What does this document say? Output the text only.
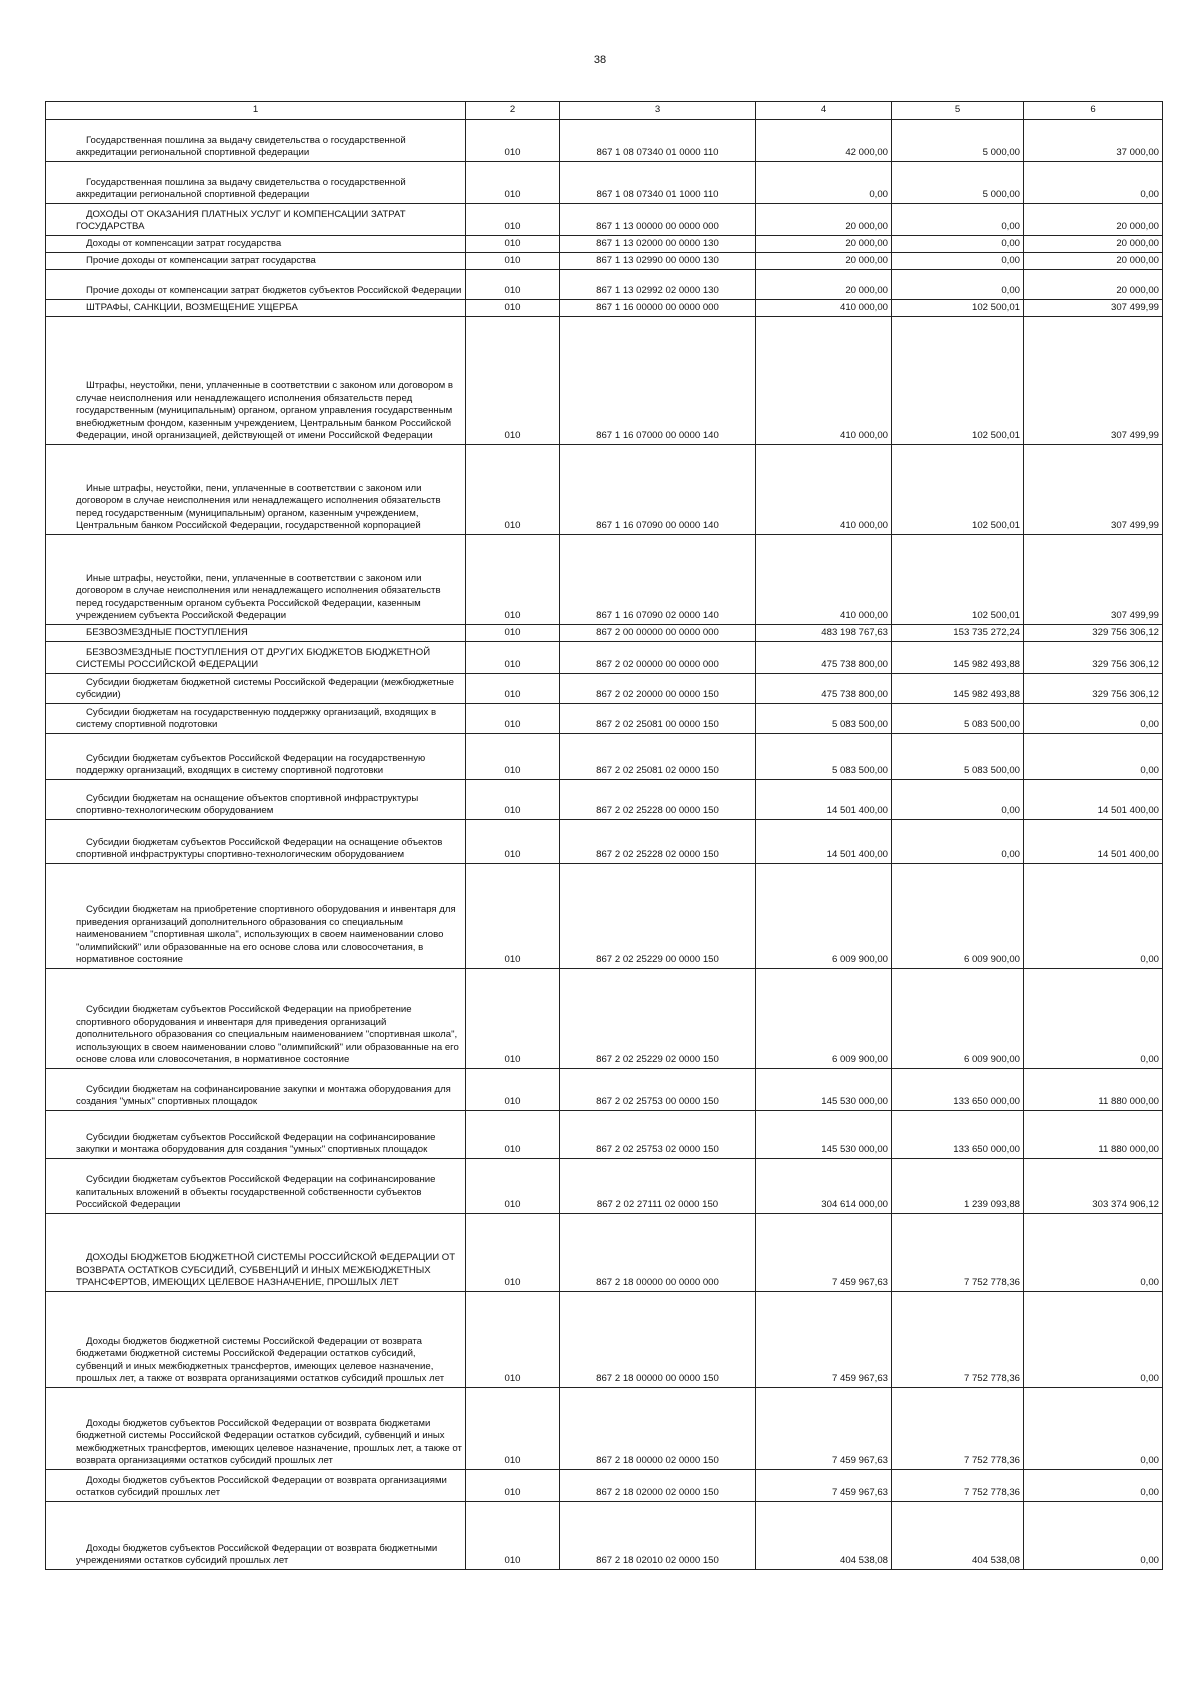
38
1	2	3	4	5	6
Государственная пошлина за выдачу свидетельства о государственной аккредитации региональной спортивной федерации	010	867 1 08 07340 01 0000 110	42 000,00	5 000,00	37 000,00
Государственная пошлина за выдачу свидетельства о государственной аккредитации региональной спортивной федерации	010	867 1 08 07340 01 1000 110	0,00	5 000,00	0,00
ДОХОДЫ ОТ ОКАЗАНИЯ ПЛАТНЫХ УСЛУГ И КОМПЕНСАЦИИ ЗАТРАТ ГОСУДАРСТВА	010	867 1 13 00000 00 0000 000	20 000,00	0,00	20 000,00
Доходы от компенсации затрат государства	010	867 1 13 02000 00 0000 130	20 000,00	0,00	20 000,00
Прочие доходы от компенсации затрат государства	010	867 1 13 02990 00 0000 130	20 000,00	0,00	20 000,00
Прочие доходы от компенсации затрат бюджетов субъектов Российской Федерации	010	867 1 13 02992 02 0000 130	20 000,00	0,00	20 000,00
ШТРАФЫ, САНКЦИИ, ВОЗМЕЩЕНИЕ УЩЕРБА	010	867 1 16 00000 00 0000 000	410 000,00	102 500,01	307 499,99
Штрафы, неустойки, пени, уплаченные в соответствии с законом или договором в случае неисполнения или ненадлежащего исполнения обязательств перед государственным (муниципальным) органом, органом управления государственным внебюджетным фондом, казенным учреждением, Центральным банком Российской Федерации, иной организацией, действующей от имени Российской Федерации	010	867 1 16 07000 00 0000 140	410 000,00	102 500,01	307 499,99
Иные штрафы, неустойки, пени, уплаченные в соответствии с законом или договором в случае неисполнения или ненадлежащего исполнения обязательств перед государственным (муниципальным) органом, казенным учреждением, Центральным банком Российской Федерации, государственной корпорацией	010	867 1 16 07090 00 0000 140	410 000,00	102 500,01	307 499,99
Иные штрафы, неустойки, пени, уплаченные в соответствии с законом или договором в случае неисполнения или ненадлежащего исполнения обязательств перед государственным органом субъекта Российской Федерации, казенным учреждением субъекта Российской Федерации	010	867 1 16 07090 02 0000 140	410 000,00	102 500,01	307 499,99
БЕЗВОЗМЕЗДНЫЕ ПОСТУПЛЕНИЯ	010	867 2 00 00000 00 0000 000	483 198 767,63	153 735 272,24	329 756 306,12
БЕЗВОЗМЕЗДНЫЕ ПОСТУПЛЕНИЯ ОТ ДРУГИХ БЮДЖЕТОВ БЮДЖЕТНОЙ СИСТЕМЫ РОССИЙСКОЙ ФЕДЕРАЦИИ	010	867 2 02 00000 00 0000 000	475 738 800,00	145 982 493,88	329 756 306,12
Субсидии бюджетам бюджетной системы Российской Федерации (межбюджетные субсидии)	010	867 2 02 20000 00 0000 150	475 738 800,00	145 982 493,88	329 756 306,12
Субсидии бюджетам на государственную поддержку организаций, входящих в систему спортивной подготовки	010	867 2 02 25081 00 0000 150	5 083 500,00	5 083 500,00	0,00
Субсидии бюджетам субъектов Российской Федерации на государственную поддержку организаций, входящих в систему спортивной подготовки	010	867 2 02 25081 02 0000 150	5 083 500,00	5 083 500,00	0,00
Субсидии бюджетам на оснащение объектов спортивной инфраструктуры спортивно-технологическим оборудованием	010	867 2 02 25228 00 0000 150	14 501 400,00	0,00	14 501 400,00
Субсидии бюджетам субъектов Российской Федерации на оснащение объектов спортивной инфраструктуры спортивно-технологическим оборудованием	010	867 2 02 25228 02 0000 150	14 501 400,00	0,00	14 501 400,00
Субсидии бюджетам на приобретение спортивного оборудования и инвентаря для приведения организаций дополнительного образования со специальным наименованием "спортивная школа", использующих в своем наименовании слово "олимпийский" или образованные на его основе слова или словосочетания, в нормативное состояние	010	867 2 02 25229 00 0000 150	6 009 900,00	6 009 900,00	0,00
Субсидии бюджетам субъектов Российской Федерации на приобретение спортивного оборудования и инвентаря для приведения организаций дополнительного образования со специальным наименованием "спортивная школа", использующих в своем наименовании слово "олимпийский" или образованные на его основе слова или словосочетания, в нормативное состояние	010	867 2 02 25229 02 0000 150	6 009 900,00	6 009 900,00	0,00
Субсидии бюджетам на софинансирование закупки и монтажа оборудования для создания "умных" спортивных площадок	010	867 2 02 25753 00 0000 150	145 530 000,00	133 650 000,00	11 880 000,00
Субсидии бюджетам субъектов Российской Федерации на софинансирование закупки и монтажа оборудования для создания "умных" спортивных площадок	010	867 2 02 25753 02 0000 150	145 530 000,00	133 650 000,00	11 880 000,00
Субсидии бюджетам субъектов Российской Федерации на софинансирование капитальных вложений в объекты государственной собственности субъектов Российской Федерации	010	867 2 02 27111 02 0000 150	304 614 000,00	1 239 093,88	303 374 906,12
ДОХОДЫ БЮДЖЕТОВ БЮДЖЕТНОЙ СИСТЕМЫ РОССИЙСКОЙ ФЕДЕРАЦИИ ОТ ВОЗВРАТА ОСТАТКОВ СУБСИДИЙ, СУБВЕНЦИЙ И ИНЫХ МЕЖБЮДЖЕТНЫХ ТРАНСФЕРТОВ, ИМЕЮЩИХ ЦЕЛЕВОЕ НАЗНАЧЕНИЕ, ПРОШЛЫХ ЛЕТ	010	867 2 18 00000 00 0000 000	7 459 967,63	7 752 778,36	0,00
Доходы бюджетов бюджетной системы Российской Федерации от возврата бюджетами бюджетной системы Российской Федерации остатков субсидий, субвенций и иных межбюджетных трансфертов, имеющих целевое назначение, прошлых лет, а также от возврата организациями остатков субсидий прошлых лет	010	867 2 18 00000 00 0000 150	7 459 967,63	7 752 778,36	0,00
Доходы бюджетов субъектов Российской Федерации от возврата бюджетами бюджетной системы Российской Федерации остатков субсидий, субвенций и иных межбюджетных трансфертов, имеющих целевое назначение, прошлых лет, а также от возврата организациями остатков субсидий прошлых лет	010	867 2 18 00000 02 0000 150	7 459 967,63	7 752 778,36	0,00
Доходы бюджетов субъектов Российской Федерации от возврата организациями остатков субсидий прошлых лет	010	867 2 18 02000 02 0000 150	7 459 967,63	7 752 778,36	0,00
Доходы бюджетов субъектов Российской Федерации от возврата бюджетными учреждениями остатков субсидий прошлых лет	010	867 2 18 02010 02 0000 150	404 538,08	404 538,08	0,00
